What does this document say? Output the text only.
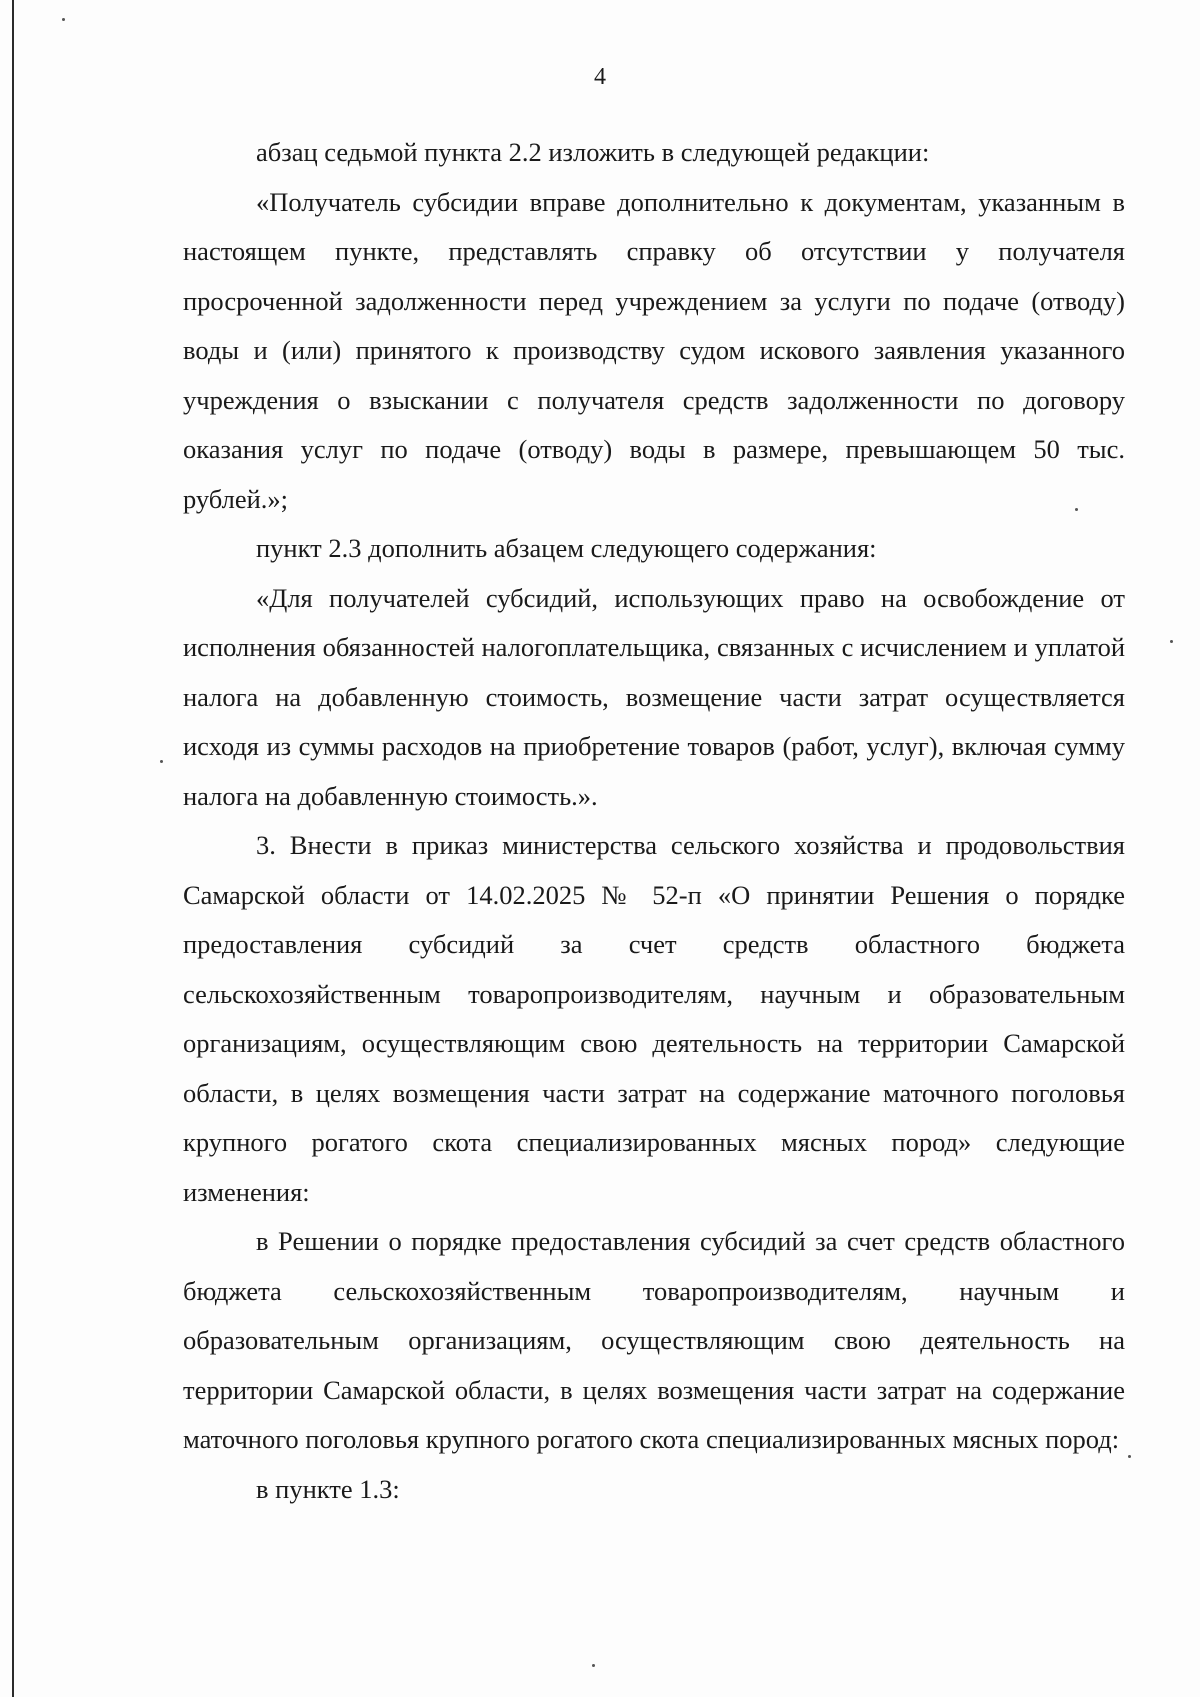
4

абзац седьмой пункта 2.2 изложить в следующей редакции:

«Получатель субсидии вправе дополнительно к документам, указанным в настоящем пункте, представлять справку об отсутствии у получателя просроченной задолженности перед учреждением за услуги по подаче (отводу) воды и (или) принятого к производству судом искового заявления указанного учреждения о взыскании с получателя средств задолженности по договору оказания услуг по подаче (отводу) воды в размере, превышающем 50 тыс. рублей.»;

пункт 2.3 дополнить абзацем следующего содержания:

«Для получателей субсидий, использующих право на освобождение от исполнения обязанностей налогоплательщика, связанных с исчислением и уплатой налога на добавленную стоимость, возмещение части затрат осуществляется исходя из суммы расходов на приобретение товаров (работ, услуг), включая сумму налога на добавленную стоимость.».

3. Внести в приказ министерства сельского хозяйства и продовольствия Самарской области от 14.02.2025 № 52-п «О принятии Решения о порядке предоставления субсидий за счет средств областного бюджета сельскохозяйственным товаропроизводителям, научным и образовательным организациям, осуществляющим свою деятельность на территории Самарской области, в целях возмещения части затрат на содержание маточного поголовья крупного рогатого скота специализированных мясных пород» следующие изменения:

в Решении о порядке предоставления субсидий за счет средств областного бюджета сельскохозяйственным товаропроизводителям, научным и образовательным организациям, осуществляющим свою деятельность на территории Самарской области, в целях возмещения части затрат на содержание маточного поголовья крупного рогатого скота специализированных мясных пород:

в пункте 1.3:
